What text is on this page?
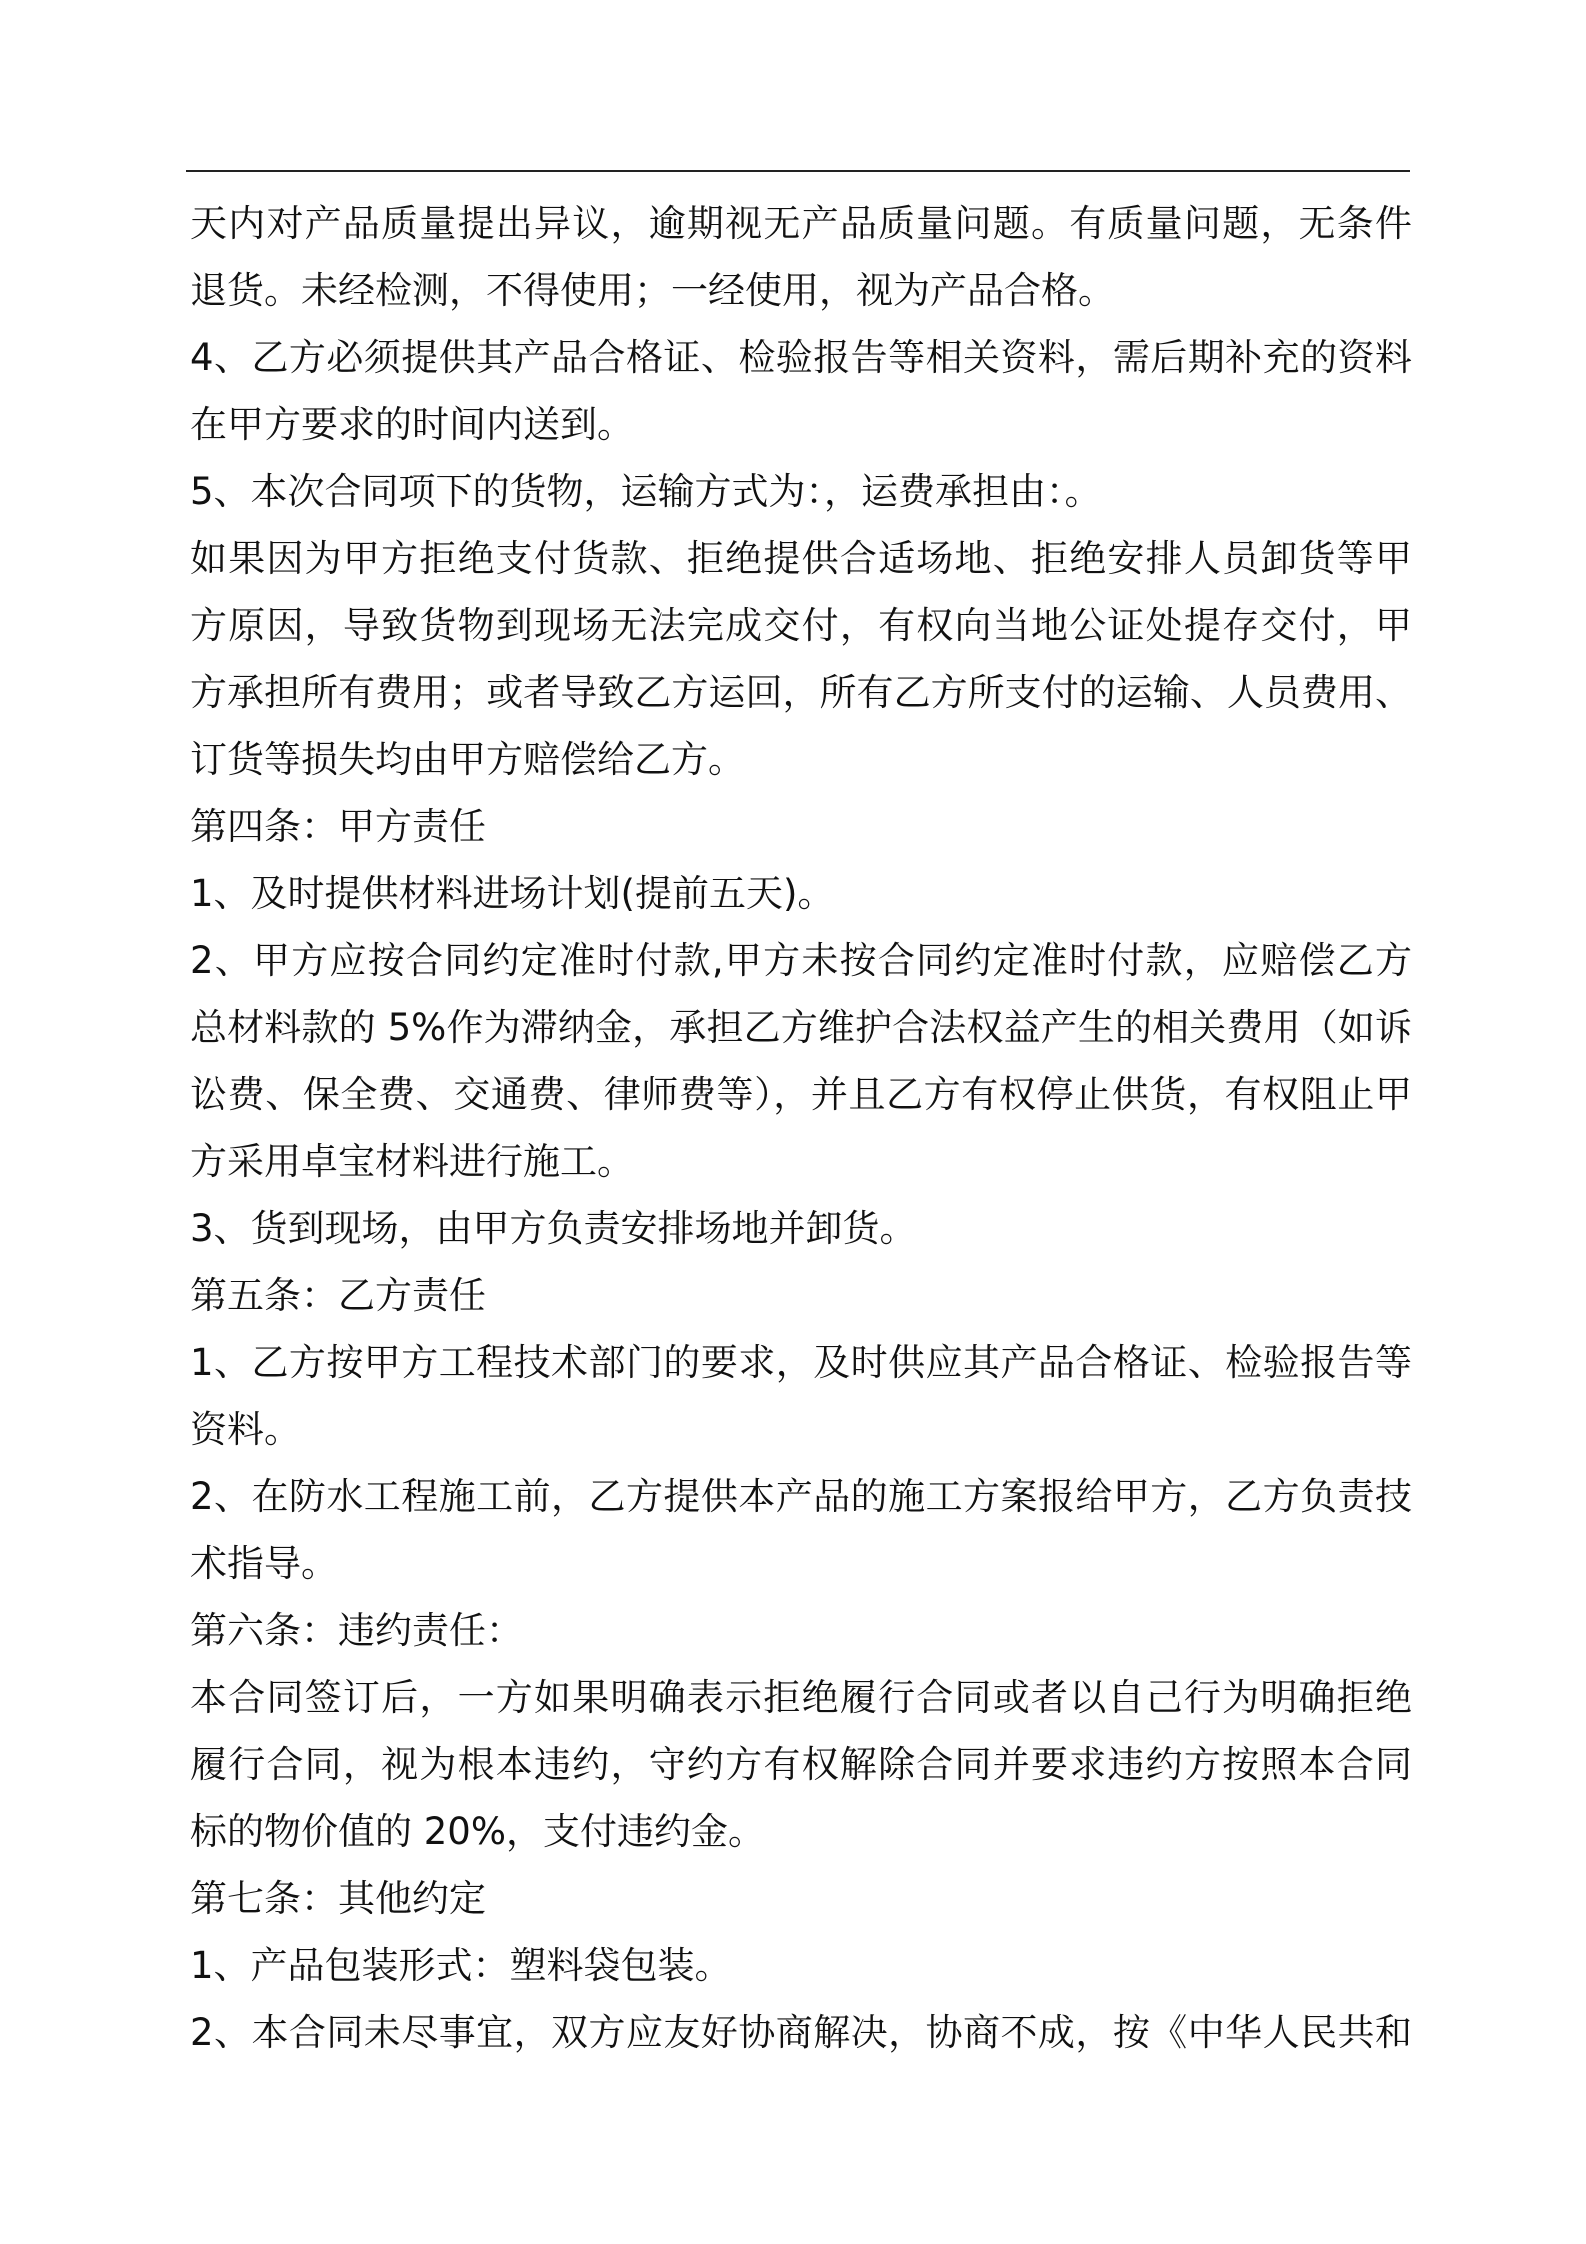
天内对产品质量提出异议，逾期视无产品质量问题。有质量问题，无条件
退货。未经检测，不得使用；一经使用，视为产品合格。
4、乙方必须提供其产品合格证、检验报告等相关资料，需后期补充的资料
在甲方要求的时间内送到。
5、本次合同项下的货物，运输方式为：，运费承担由：。
如果因为甲方拒绝支付货款、拒绝提供合适场地、拒绝安排人员卸货等甲
方原因，导致货物到现场无法完成交付，有权向当地公证处提存交付，甲
方承担所有费用；或者导致乙方运回，所有乙方所支付的运输、人员费用、
订货等损失均由甲方赔偿给乙方。
第四条：甲方责任
1、及时提供材料进场计划(提前五天)。
2、甲方应按合同约定准时付款,甲方未按合同约定准时付款，应赔偿乙方
总材料款的 5%作为滞纳金，承担乙方维护合法权益产生的相关费用（如诉
讼费、保全费、交通费、律师费等），并且乙方有权停止供货，有权阻止甲
方采用卓宝材料进行施工。
3、货到现场，由甲方负责安排场地并卸货。
第五条：乙方责任
1、乙方按甲方工程技术部门的要求，及时供应其产品合格证、检验报告等
资料。
2、在防水工程施工前，乙方提供本产品的施工方案报给甲方，乙方负责技
术指导。
第六条：违约责任：
本合同签订后，一方如果明确表示拒绝履行合同或者以自己行为明确拒绝
履行合同，视为根本违约，守约方有权解除合同并要求违约方按照本合同
标的物价值的 20%，支付违约金。
第七条：其他约定
1、产品包装形式：塑料袋包装。
2、本合同未尽事宜，双方应友好协商解决，协商不成，按《中华人民共和
